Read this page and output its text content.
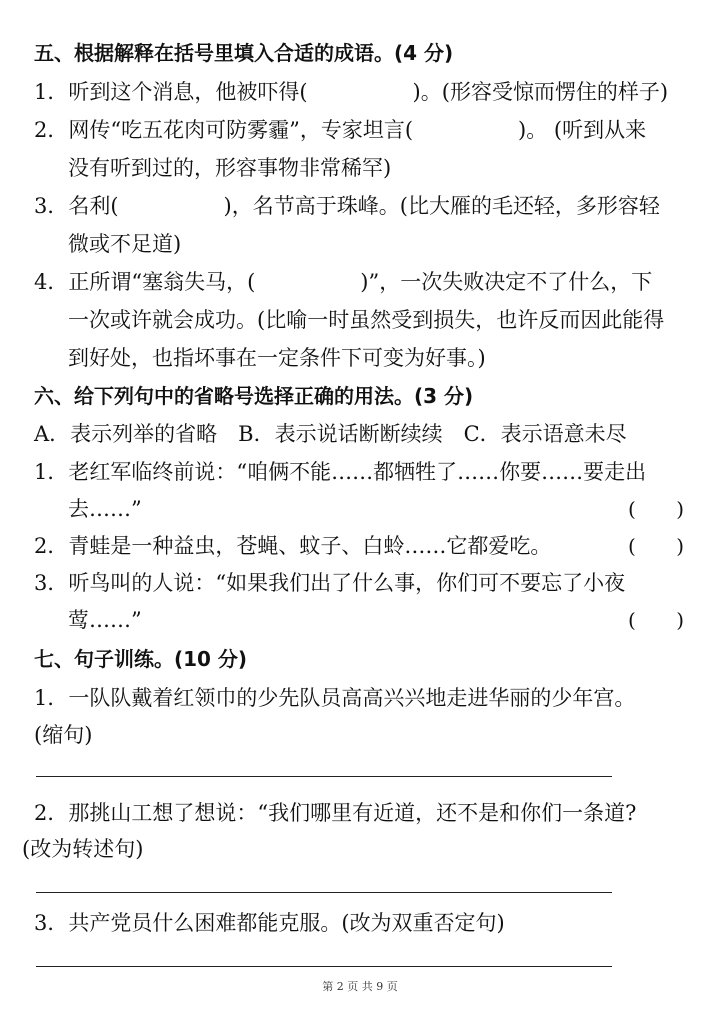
五、根据解释在括号里填入合适的成语。(4 分)
1．听到这个消息，他被吓得(　　　　　)。(形容受惊而愣住的样子)
2．网传“吃五花肉可防雾霾”，专家坦言(　　　　　)。 (听到从来
没有听到过的，形容事物非常稀罕)
3．名利(　　　　　)，名节高于珠峰。(比大雁的毛还轻，多形容轻
微或不足道)
4．正所谓“塞翁失马，(　　　　　)”，一次失败决定不了什么，下
一次或许就会成功。(比喻一时虽然受到损失，也许反而因此能得
到好处，也指坏事在一定条件下可变为好事。)
六、给下列句中的省略号选择正确的用法。(3 分)
A．表示列举的省略　B．表示说话断断续续　C．表示语意未尽
1．老红军临终前说：“咱俩不能……都牺牲了……你要……要走出
去……”	( )
2．青蛙是一种益虫，苍蝇、蚊子、白蛉……它都爱吃。	( )
3．听鸟叫的人说：“如果我们出了什么事，你们可不要忘了小夜
莺……”	( )
七、句子训练。(10 分)
1．一队队戴着红领巾的少先队员高高兴兴地走进华丽的少年宫。
(缩句)
2．那挑山工想了想说：“我们哪里有近道，还不是和你们一条道?
(改为转述句)
3．共产党员什么困难都能克服。(改为双重否定句)
第 2 页 共 9 页
